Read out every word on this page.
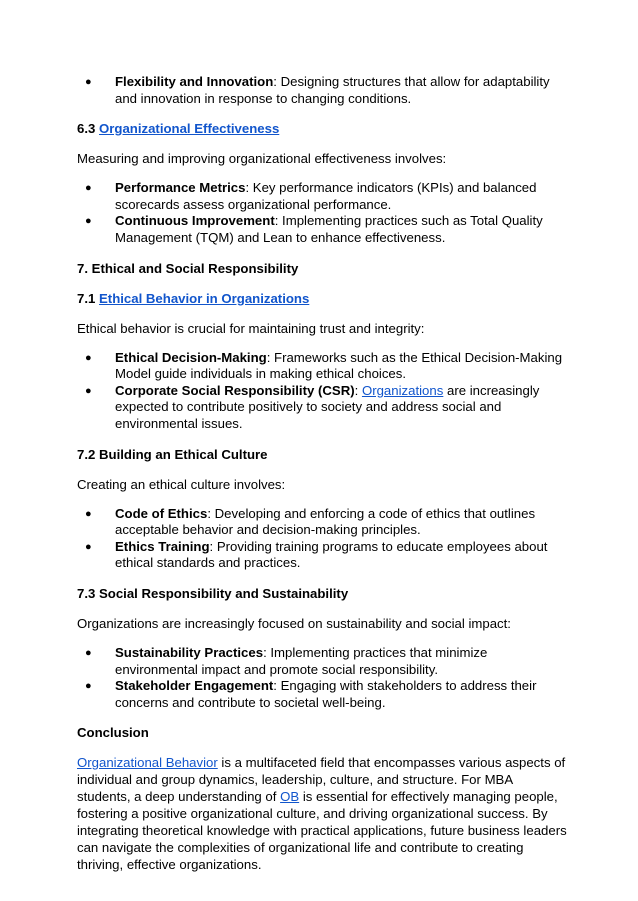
● Flexibility and Innovation: Designing structures that allow for adaptability and innovation in response to changing conditions.

6.3 Organizational Effectiveness

Measuring and improving organizational effectiveness involves:

● Performance Metrics: Key performance indicators (KPIs) and balanced scorecards assess organizational performance.
● Continuous Improvement: Implementing practices such as Total Quality Management (TQM) and Lean to enhance effectiveness.

7. Ethical and Social Responsibility

7.1 Ethical Behavior in Organizations

Ethical behavior is crucial for maintaining trust and integrity:

● Ethical Decision-Making: Frameworks such as the Ethical Decision-Making Model guide individuals in making ethical choices.
● Corporate Social Responsibility (CSR): Organizations are increasingly expected to contribute positively to society and address social and environmental issues.

7.2 Building an Ethical Culture

Creating an ethical culture involves:

● Code of Ethics: Developing and enforcing a code of ethics that outlines acceptable behavior and decision-making principles.
● Ethics Training: Providing training programs to educate employees about ethical standards and practices.

7.3 Social Responsibility and Sustainability

Organizations are increasingly focused on sustainability and social impact:

● Sustainability Practices: Implementing practices that minimize environmental impact and promote social responsibility.
● Stakeholder Engagement: Engaging with stakeholders to address their concerns and contribute to societal well-being.

Conclusion

Organizational Behavior is a multifaceted field that encompasses various aspects of individual and group dynamics, leadership, culture, and structure. For MBA students, a deep understanding of OB is essential for effectively managing people, fostering a positive organizational culture, and driving organizational success. By integrating theoretical knowledge with practical applications, future business leaders can navigate the complexities of organizational life and contribute to creating thriving, effective organizations.
